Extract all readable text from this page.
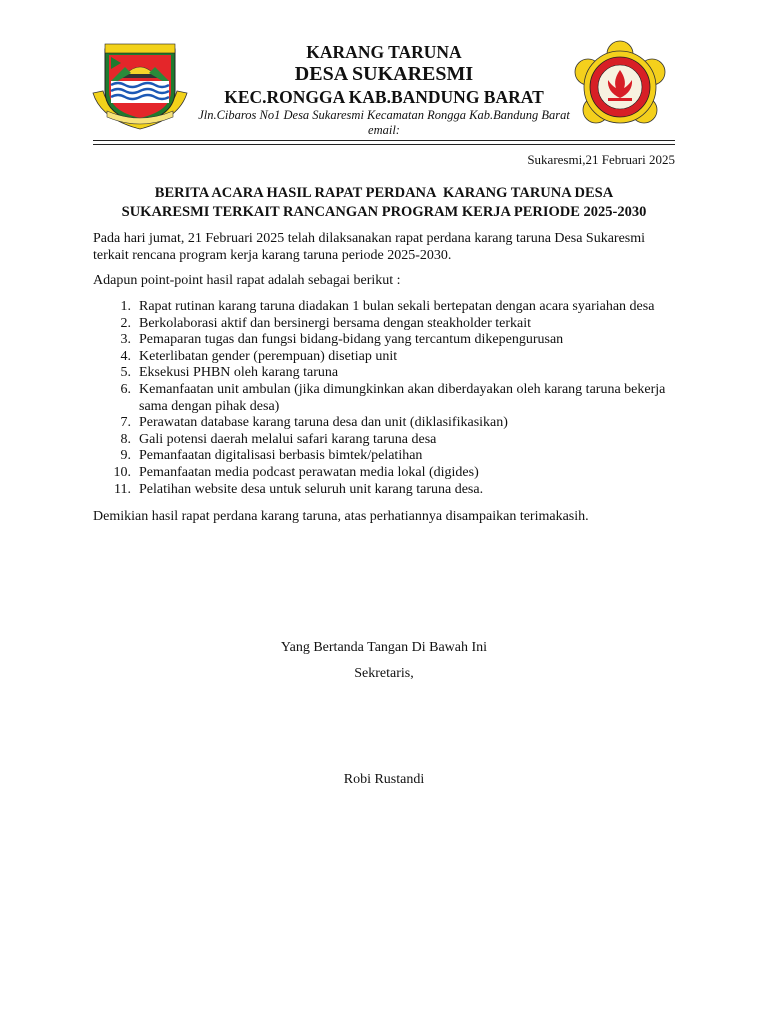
KARANG TARUNA
DESA SUKARESMI
KEC.RONGGA KAB.BANDUNG BARAT
Jln.Cibaros No1 Desa Sukaresmi Kecamatan Rongga Kab.Bandung Barat
email:
Sukaresmi,21 Februari 2025
BERITA ACARA HASIL RAPAT PERDANA  KARANG TARUNA DESA
SUKARESMI TERKAIT RANCANGAN PROGRAM KERJA PERIODE 2025-2030
Pada hari jumat, 21 Februari 2025 telah dilaksanakan rapat perdana karang taruna Desa Sukaresmi
terkait rencana program kerja karang taruna periode 2025-2030.
Adapun point-point hasil rapat adalah sebagai berikut :
1. Rapat rutinan karang taruna diadakan 1 bulan sekali bertepatan dengan acara syariahan desa
2. Berkolaborasi aktif dan bersinergi bersama dengan steakholder terkait
3. Pemaparan tugas dan fungsi bidang-bidang yang tercantum dikepengurusan
4. Keterlibatan gender (perempuan) disetiap unit
5. Eksekusi PHBN oleh karang taruna
6. Kemanfaatan unit ambulan (jika dimungkinkan akan diberdayakan oleh karang taruna bekerja sama dengan pihak desa)
7. Perawatan database karang taruna desa dan unit (diklasifikasikan)
8. Gali potensi daerah melalui safari karang taruna desa
9. Pemanfaatan digitalisasi berbasis bimtek/pelatihan
10. Pemanfaatan media podcast perawatan media lokal (digides)
11. Pelatihan website desa untuk seluruh unit karang taruna desa.
Demikian hasil rapat perdana karang taruna, atas perhatiannya disampaikan terimakasih.
Yang Bertanda Tangan Di Bawah Ini
Sekretaris,
Robi Rustandi
